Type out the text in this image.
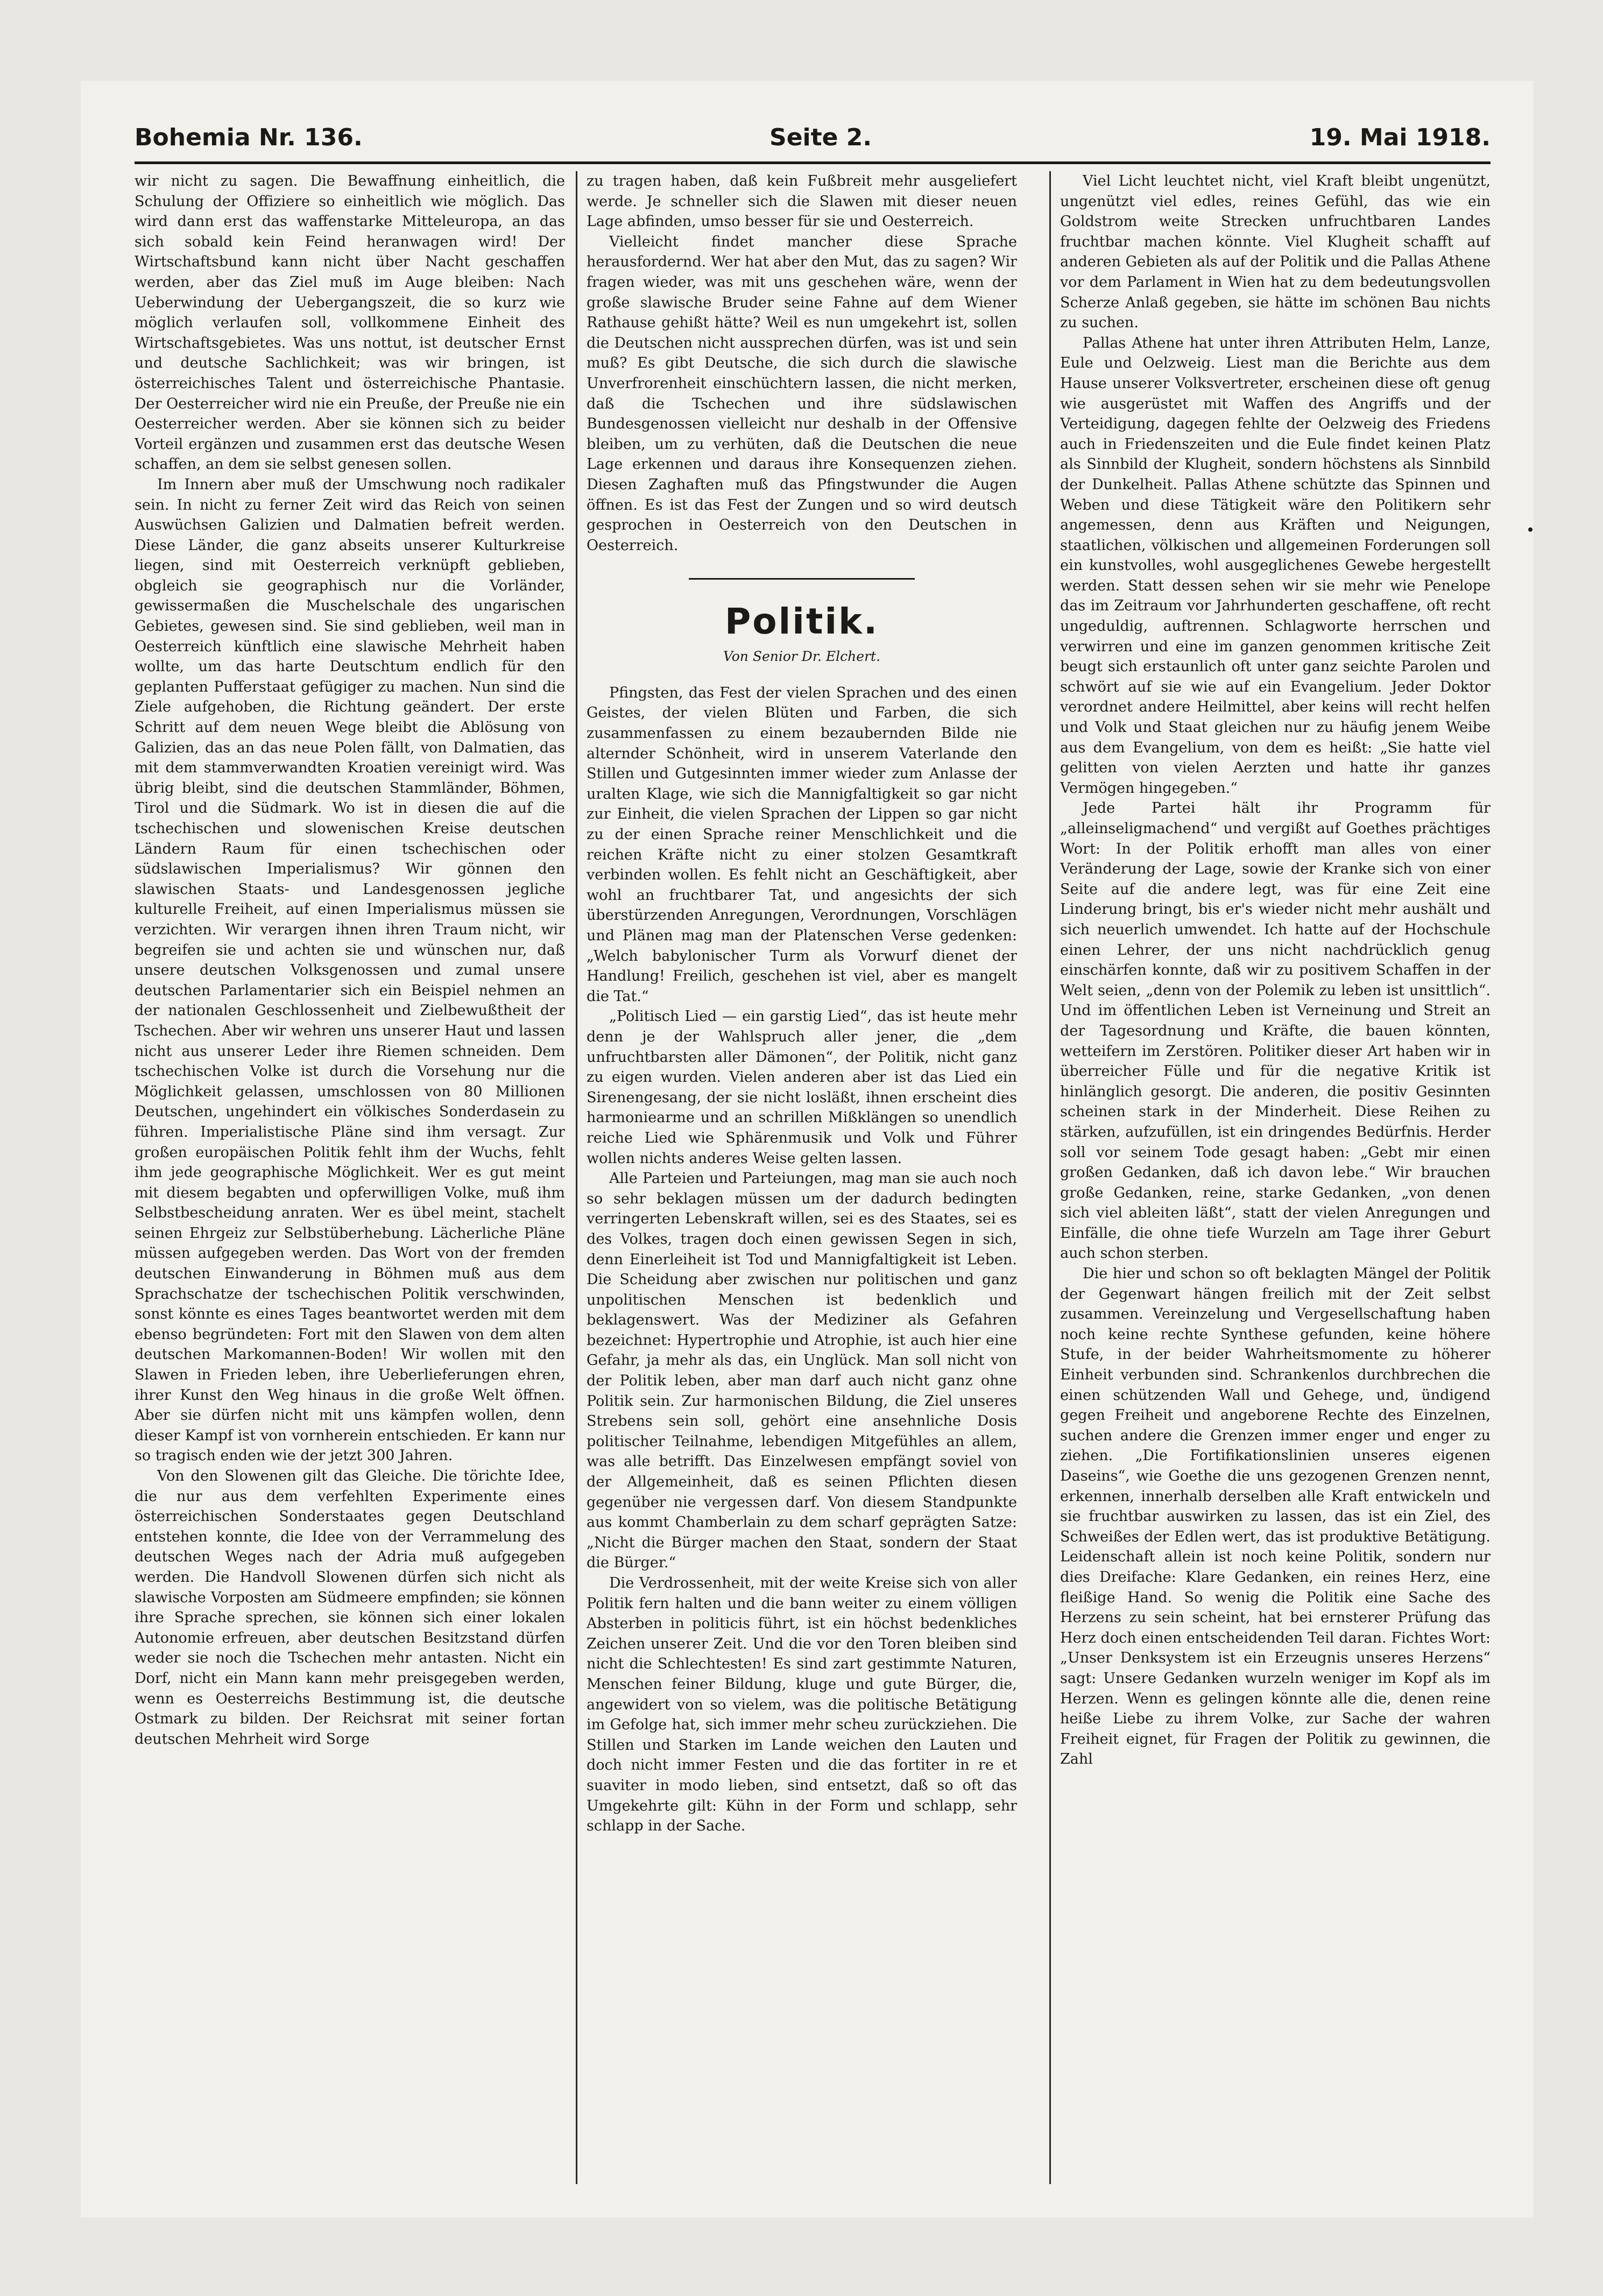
Bohemia Nr. 136.	Seite 2.	19. Mai 1918.

wir nicht zu sagen. Die Bewaffnung einheitlich, die Schulung der Offiziere so einheitlich wie möglich. Das wird dann erst das waffenstarke Mitteleuropa, an das sich sobald kein Feind heranwagen wird! Der Wirtschaftsbund kann nicht über Nacht geschaffen werden, aber das Ziel muß im Auge bleiben: Nach Ueberwindung der Uebergangszeit, die so kurz wie möglich verlaufen soll, vollkommene Einheit des Wirtschaftsgebietes. Was uns nottut, ist deutscher Ernst und deutsche Sachlichkeit; was wir bringen, ist österreichisches Talent und österreichische Phantasie. Der Oesterreicher wird nie ein Preuße, der Preuße nie ein Oesterreicher werden. Aber sie können sich zu beider Vorteil ergänzen und zusammen erst das deutsche Wesen schaffen, an dem sie selbst genesen sollen.

Im Innern aber muß der Umschwung noch radikaler sein. In nicht zu ferner Zeit wird das Reich von seinen Auswüchsen Galizien und Dalmatien befreit werden. Diese Länder, die ganz abseits unserer Kulturkreise liegen, sind mit Oesterreich verknüpft geblieben, obgleich sie geographisch nur die Vorländer, gewissermaßen die Muschelschale des ungarischen Gebietes, gewesen sind. Sie sind geblieben, weil man in Oesterreich künftlich eine slawische Mehrheit haben wollte, um das harte Deutschtum endlich für den geplanten Pufferstaat gefügiger zu machen. Nun sind die Ziele aufgehoben, die Richtung geändert. Der erste Schritt auf dem neuen Wege bleibt die Ablösung von Galizien, das an das neue Polen fällt, von Dalmatien, das mit dem stammverwandten Kroatien vereinigt wird. Was übrig bleibt, sind die deutschen Stammländer, Böhmen, Tirol und die Südmark. Wo ist in diesen die auf die tschechischen und slowenischen Kreise deutschen Ländern Raum für einen tschechischen oder südslawischen Imperialismus? Wir gönnen den slawischen Staats- und Landesgenossen jegliche kulturelle Freiheit, auf einen Imperialismus müssen sie verzichten. Wir verargen ihnen ihren Traum nicht, wir begreifen sie und achten sie und wünschen nur, daß unsere deutschen Volksgenossen und zumal unsere deutschen Parlamentarier sich ein Beispiel nehmen an der nationalen Geschlossenheit und Zielbewußtheit der Tschechen. Aber wir wehren uns unserer Haut und lassen nicht aus unserer Leder ihre Riemen schneiden. Dem tschechischen Volke ist durch die Vorsehung nur die Möglichkeit gelassen, umschlossen von 80 Millionen Deutschen, ungehindert ein völkisches Sonderdasein zu führen. Imperialistische Pläne sind ihm versagt. Zur großen europäischen Politik fehlt ihm der Wuchs, fehlt ihm jede geographische Möglichkeit. Wer es gut meint mit diesem begabten und opferwilligen Volke, muß ihm Selbstbescheidung anraten. Wer es übel meint, stachelt seinen Ehrgeiz zur Selbstüberhebung. Lächerliche Pläne müssen aufgegeben werden. Das Wort von der fremden deutschen Einwanderung in Böhmen muß aus dem Sprachschatze der tschechischen Politik verschwinden, sonst könnte es eines Tages beantwortet werden mit dem ebenso begründeten: Fort mit den Slawen von dem alten deutschen Markomannen-Boden! Wir wollen mit den Slawen in Frieden leben, ihre Ueberlieferungen ehren, ihrer Kunst den Weg hinaus in die große Welt öffnen. Aber sie dürfen nicht mit uns kämpfen wollen, denn dieser Kampf ist von vornherein entschieden. Er kann nur so tragisch enden wie der jetzt 300 Jahren.

Von den Slowenen gilt das Gleiche. Die törichte Idee, die nur aus dem verfehlten Experimente eines österreichischen Sonderstaates gegen Deutschland entstehen konnte, die Idee von der Verrammelung des deutschen Weges nach der Adria muß aufgegeben werden. Die Handvoll Slowenen dürfen sich nicht als slawische Vorposten am Südmeere empfinden; sie können ihre Sprache sprechen, sie können sich einer lokalen Autonomie erfreuen, aber deutschen Besitzstand dürfen weder sie noch die Tschechen mehr antasten. Nicht ein Dorf, nicht ein Mann kann mehr preisgegeben werden, wenn es Oesterreichs Bestimmung ist, die deutsche Ostmark zu bilden. Der Reichsrat mit seiner fortan deutschen Mehrheit wird Sorge

zu tragen haben, daß kein Fußbreit mehr ausgeliefert werde. Je schneller sich die Slawen mit dieser neuen Lage abfinden, umso besser für sie und Oesterreich.

Vielleicht findet mancher diese Sprache herausfordernd. Wer hat aber den Mut, das zu sagen? Wir fragen wieder, was mit uns geschehen wäre, wenn der große slawische Bruder seine Fahne auf dem Wiener Rathause gehißt hätte? Weil es nun umgekehrt ist, sollen die Deutschen nicht aussprechen dürfen, was ist und sein muß? Es gibt Deutsche, die sich durch die slawische Unverfrorenheit einschüchtern lassen, die nicht merken, daß die Tschechen und ihre südslawischen Bundesgenossen vielleicht nur deshalb in der Offensive bleiben, um zu verhüten, daß die Deutschen die neue Lage erkennen und daraus ihre Konsequenzen ziehen. Diesen Zaghaften muß das Pfingstwunder die Augen öffnen. Es ist das Fest der Zungen und so wird deutsch gesprochen in Oesterreich von den Deutschen in Oesterreich.

Politik.

Von Senior Dr. Elchert.

Pfingsten, das Fest der vielen Sprachen und des einen Geistes, der vielen Blüten und Farben, die sich zusammenfassen zu einem bezaubernden Bilde nie alternder Schönheit, wird in unserem Vaterlande den Stillen und Gutgesinnten immer wieder zum Anlasse der uralten Klage, wie sich die Mannigfaltigkeit so gar nicht zur Einheit, die vielen Sprachen der Lippen so gar nicht zu der einen Sprache reiner Menschlichkeit und die reichen Kräfte nicht zu einer stolzen Gesamtkraft verbinden wollen. Es fehlt nicht an Geschäftigkeit, aber wohl an fruchtbarer Tat, und angesichts der sich überstürzenden Anregungen, Verordnungen, Vorschlägen und Plänen mag man der Platenschen Verse gedenken: „Welch babylonischer Turm als Vorwurf dienet der Handlung! Freilich, geschehen ist viel, aber es mangelt die Tat.“

„Politisch Lied — ein garstig Lied“, das ist heute mehr denn je der Wahlspruch aller jener, die „dem unfruchtbarsten aller Dämonen“, der Politik, nicht ganz zu eigen wurden. Vielen anderen aber ist das Lied ein Sirenengesang, der sie nicht losläßt, ihnen erscheint dies harmoniearme und an schrillen Mißklängen so unendlich reiche Lied wie Sphärenmusik und Volk und Führer wollen nichts anderes Weise gelten lassen.

Alle Parteien und Parteiungen, mag man sie auch noch so sehr beklagen müssen um der dadurch bedingten verringerten Lebenskraft willen, sei es des Staates, sei es des Volkes, tragen doch einen gewissen Segen in sich, denn Einerleiheit ist Tod und Mannigfaltigkeit ist Leben. Die Scheidung aber zwischen nur politischen und ganz unpolitischen Menschen ist bedenklich und beklagenswert. Was der Mediziner als Gefahren bezeichnet: Hypertrophie und Atrophie, ist auch hier eine Gefahr, ja mehr als das, ein Unglück. Man soll nicht von der Politik leben, aber man darf auch nicht ganz ohne Politik sein. Zur harmonischen Bildung, die Ziel unseres Strebens sein soll, gehört eine ansehnliche Dosis politischer Teilnahme, lebendigen Mitgefühles an allem, was alle betrifft. Das Einzelwesen empfängt soviel von der Allgemeinheit, daß es seinen Pflichten diesen gegenüber nie vergessen darf. Von diesem Standpunkte aus kommt Chamberlain zu dem scharf geprägten Satze: „Nicht die Bürger machen den Staat, sondern der Staat die Bürger.“

Die Verdrossenheit, mit der weite Kreise sich von aller Politik fern halten und die bann weiter zu einem völligen Absterben in politicis führt, ist ein höchst bedenkliches Zeichen unserer Zeit. Und die vor den Toren bleiben sind nicht die Schlechtesten! Es sind zart gestimmte Naturen, Menschen feiner Bildung, kluge und gute Bürger, die, angewidert von so vielem, was die politische Betätigung im Gefolge hat, sich immer mehr scheu zurückziehen. Die Stillen und Starken im Lande weichen den Lauten und doch nicht immer Festen und die das fortiter in re et suaviter in modo lieben, sind entsetzt, daß so oft das Umgekehrte gilt: Kühn in der Form und schlapp, sehr schlapp in der Sache.

Viel Licht leuchtet nicht, viel Kraft bleibt ungenützt, ungenützt viel edles, reines Gefühl, das wie ein Goldstrom weite Strecken unfruchtbaren Landes fruchtbar machen könnte. Viel Klugheit schafft auf anderen Gebieten als auf der Politik und die Pallas Athene vor dem Parlament in Wien hat zu dem bedeutungsvollen Scherze Anlaß gegeben, sie hätte im schönen Bau nichts zu suchen.

Pallas Athene hat unter ihren Attributen Helm, Lanze, Eule und Oelzweig. Liest man die Berichte aus dem Hause unserer Volksvertreter, erscheinen diese oft genug wie ausgerüstet mit Waffen des Angriffs und der Verteidigung, dagegen fehlte der Oelzweig des Friedens auch in Friedenszeiten und die Eule findet keinen Platz als Sinnbild der Klugheit, sondern höchstens als Sinnbild der Dunkelheit. Pallas Athene schützte das Spinnen und Weben und diese Tätigkeit wäre den Politikern sehr angemessen, denn aus Kräften und Neigungen, staatlichen, völkischen und allgemeinen Forderungen soll ein kunstvolles, wohl ausgeglichenes Gewebe hergestellt werden. Statt dessen sehen wir sie mehr wie Penelope das im Zeitraum vor Jahrhunderten geschaffene, oft recht ungeduldig, auftrennen. Schlagworte herrschen und verwirren und eine im ganzen genommen kritische Zeit beugt sich erstaunlich oft unter ganz seichte Parolen und schwört auf sie wie auf ein Evangelium. Jeder Doktor verordnet andere Heilmittel, aber keins will recht helfen und Volk und Staat gleichen nur zu häufig jenem Weibe aus dem Evangelium, von dem es heißt: „Sie hatte viel gelitten von vielen Aerzten und hatte ihr ganzes Vermögen hingegeben.“

Jede Partei hält ihr Programm für „alleinseligmachend“ und vergißt auf Goethes prächtiges Wort: In der Politik erhofft man alles von einer Veränderung der Lage, sowie der Kranke sich von einer Seite auf die andere legt, was für eine Zeit eine Linderung bringt, bis er's wieder nicht mehr aushält und sich neuerlich umwendet. Ich hatte auf der Hochschule einen Lehrer, der uns nicht nachdrücklich genug einschärfen konnte, daß wir zu positivem Schaffen in der Welt seien, „denn von der Polemik zu leben ist unsittlich“. Und im öffentlichen Leben ist Verneinung und Streit an der Tagesordnung und Kräfte, die bauen könnten, wetteifern im Zerstören. Politiker dieser Art haben wir in überreicher Fülle und für die negative Kritik ist hinlänglich gesorgt. Die anderen, die positiv Gesinnten scheinen stark in der Minderheit. Diese Reihen zu stärken, aufzufüllen, ist ein dringendes Bedürfnis. Herder soll vor seinem Tode gesagt haben: „Gebt mir einen großen Gedanken, daß ich davon lebe.“ Wir brauchen große Gedanken, reine, starke Gedanken, „von denen sich viel ableiten läßt“, statt der vielen Anregungen und Einfälle, die ohne tiefe Wurzeln am Tage ihrer Geburt auch schon sterben.

Die hier und schon so oft beklagten Mängel der Politik der Gegenwart hängen freilich mit der Zeit selbst zusammen. Vereinzelung und Vergesellschaftung haben noch keine rechte Synthese gefunden, keine höhere Stufe, in der beider Wahrheitsmomente zu höherer Einheit verbunden sind. Schrankenlos durchbrechen die einen schützenden Wall und Gehege, und, ündigend gegen Freiheit und angeborene Rechte des Einzelnen, suchen andere die Grenzen immer enger und enger zu ziehen. „Die Fortifikationslinien unseres eigenen Daseins“, wie Goethe die uns gezogenen Grenzen nennt, erkennen, innerhalb derselben alle Kraft entwickeln und sie fruchtbar auswirken zu lassen, das ist ein Ziel, des Schweißes der Edlen wert, das ist produktive Betätigung. Leidenschaft allein ist noch keine Politik, sondern nur dies Dreifache: Klare Gedanken, ein reines Herz, eine fleißige Hand. So wenig die Politik eine Sache des Herzens zu sein scheint, hat bei ernsterer Prüfung das Herz doch einen entscheidenden Teil daran. Fichtes Wort: „Unser Denksystem ist ein Erzeugnis unseres Herzens“ sagt: Unsere Gedanken wurzeln weniger im Kopf als im Herzen. Wenn es gelingen könnte alle die, denen reine heiße Liebe zu ihrem Volke, zur Sache der wahren Freiheit eignet, für Fragen der Politik zu gewinnen, die Zahl
